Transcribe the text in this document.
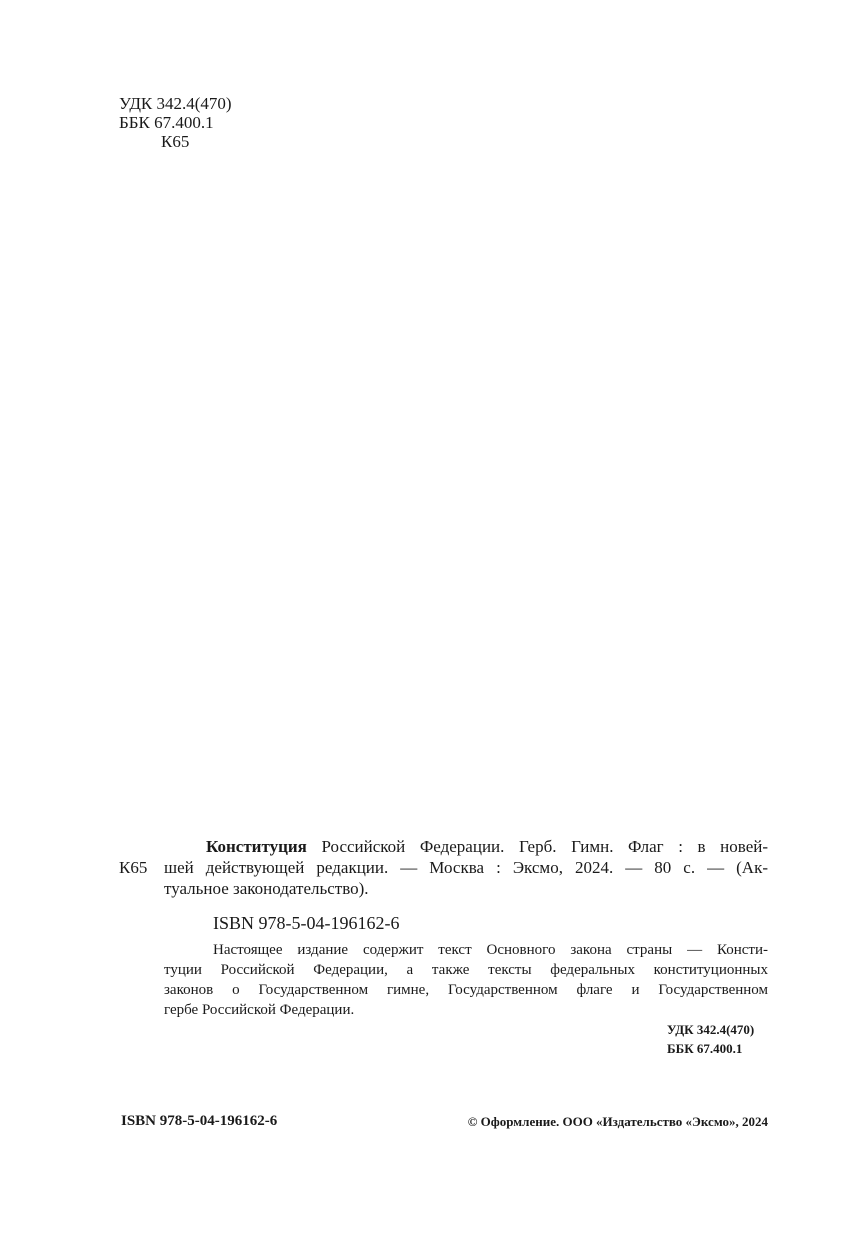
УДК 342.4(470)
ББК 67.400.1
К65
К65
Конституция Российской Федерации. Герб. Гимн. Флаг : в новей-
шей действующей редакции. — Москва : Эксмо, 2024. — 80 с. — (Ак-
туальное законодательство).
ISBN 978-5-04-196162-6
Настоящее издание содержит текст Основного закона страны — Консти-
туции Российской Федерации, а также тексты федеральных конституционных
законов о Государственном гимне, Государственном флаге и Государственном
гербе Российской Федерации.
УДК 342.4(470)
ББК 67.400.1
ISBN 978-5-04-196162-6	© Оформление. ООО «Издательство «Эксмо», 2024
